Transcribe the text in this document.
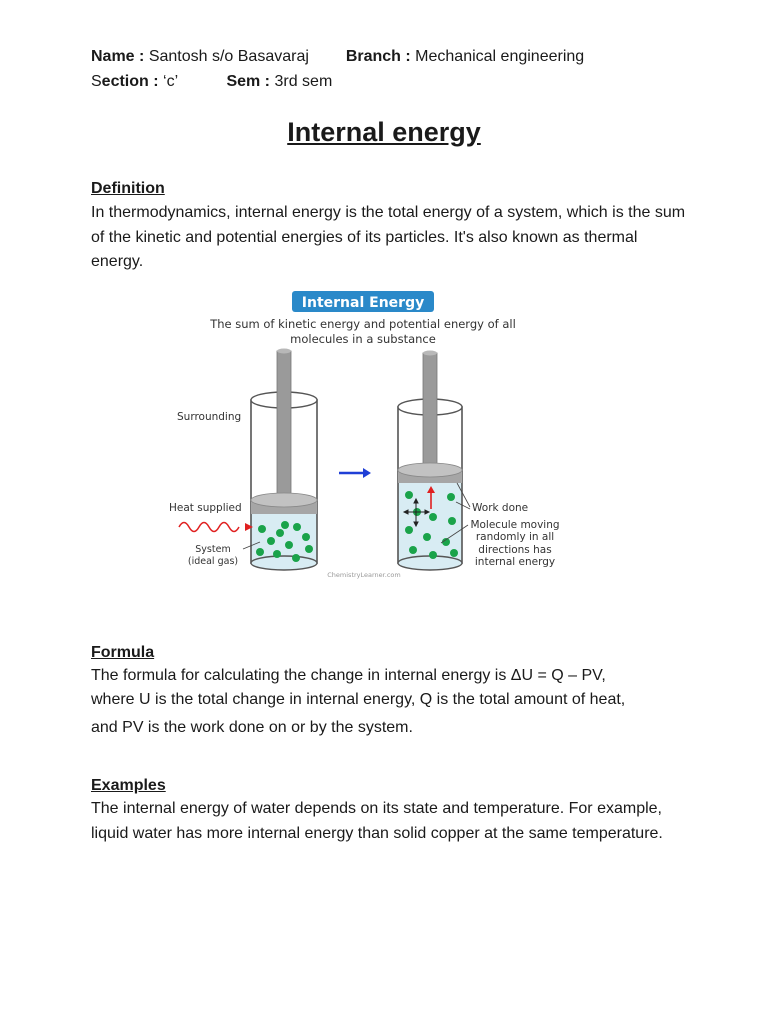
Name : Santosh s/o Basavaraj Branch : Mechanical engineering
Section : ‘c’	Sem : 3rd sem
Internal energy
Definition

In thermodynamics, internal energy is the total energy of a system, which is the sum of the kinetic and potential energies of its particles. It's also known as thermal energy.

Internal Energy
The sum of kinetic energy and potential energy of all
molecules in a substance
Surrounding
Heat supplied
System
(ideal gas)
Work done
Molecule moving
randomly in all
directions has
internal energy
ChemistryLearner.com
Formula

The formula for calculating the change in internal energy is ΔU = Q – PV,

where U is the total change in internal energy, Q is the total amount of heat,

and PV is the work done on or by the system.

Examples

The internal energy of water depends on its state and temperature. For example, liquid water has more internal energy than solid copper at the same temperature.
